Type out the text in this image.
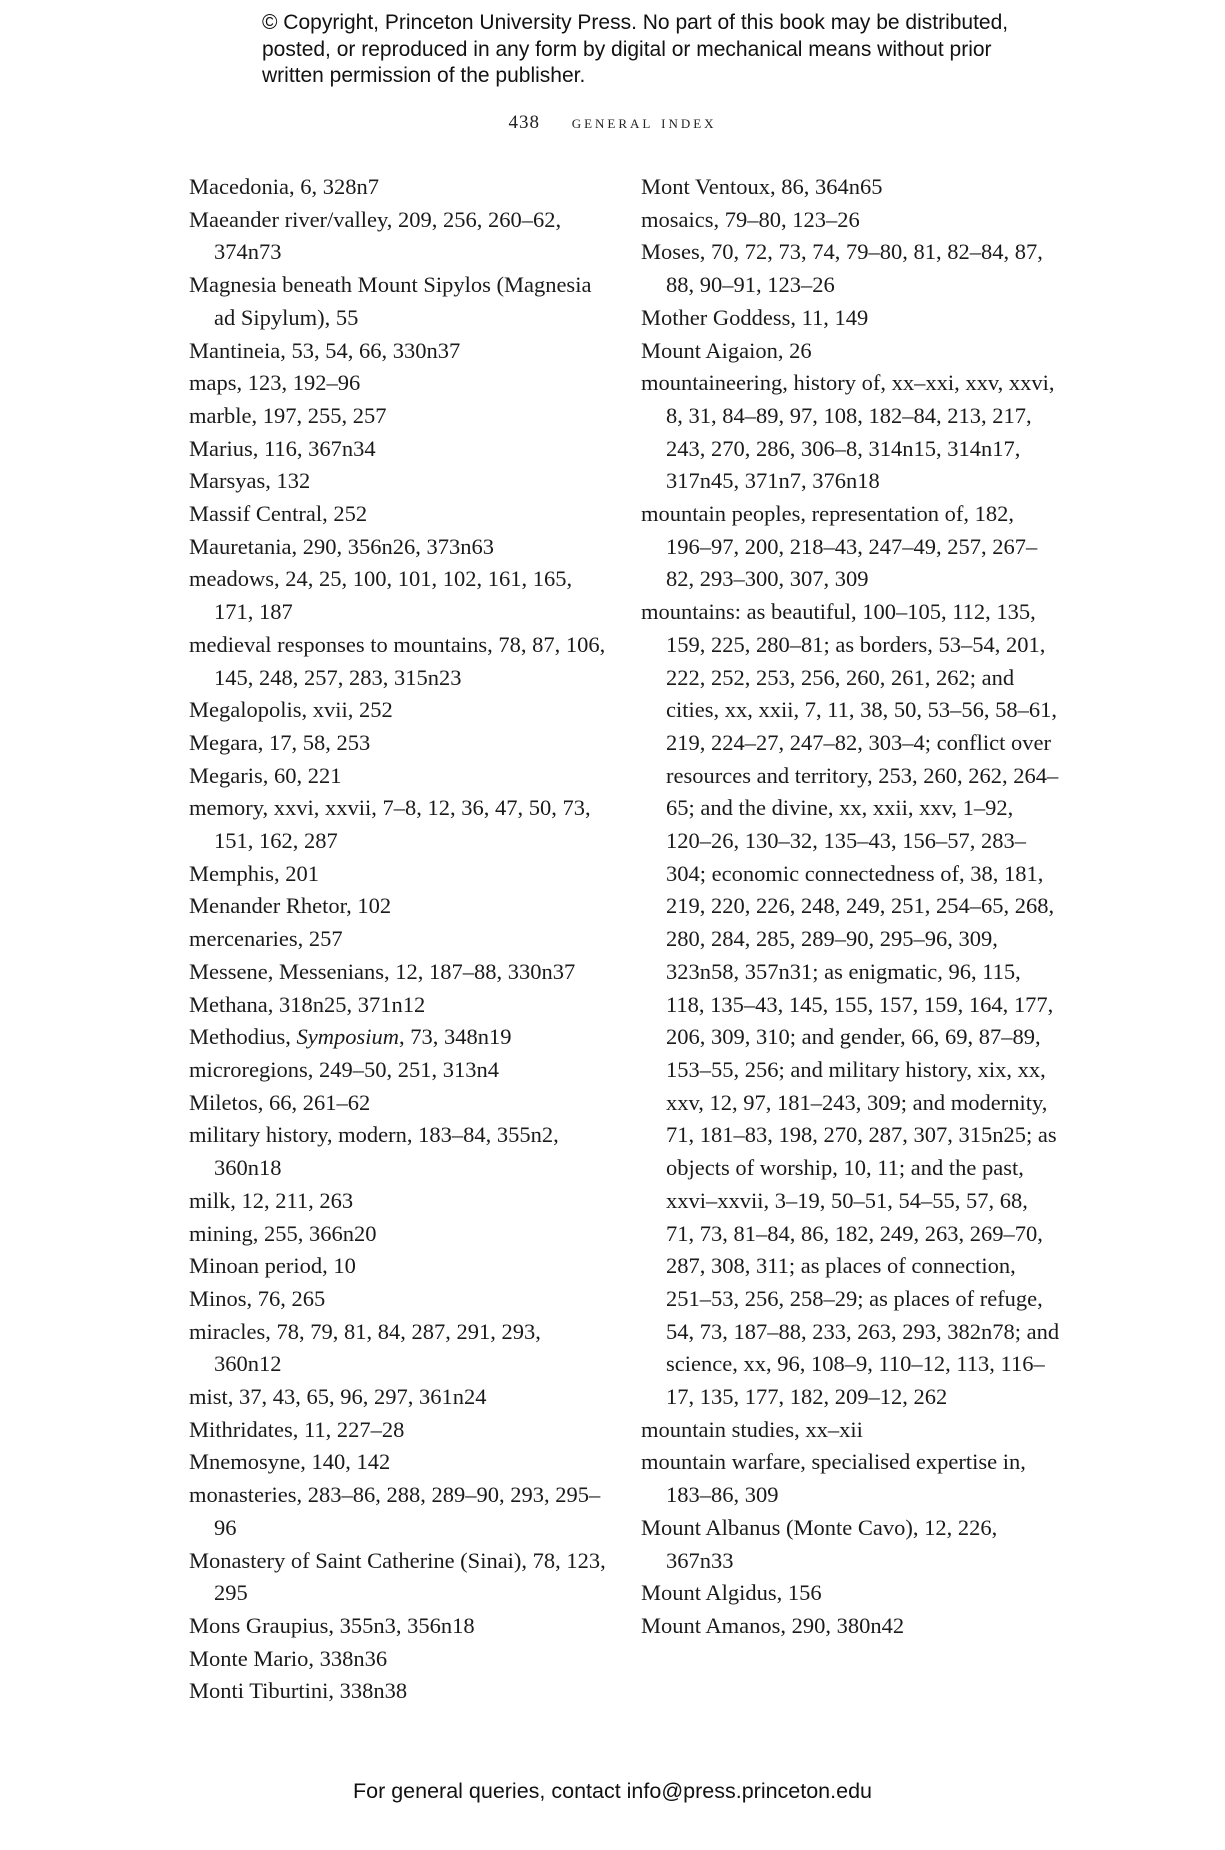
© Copyright, Princeton University Press. No part of this book may be distributed, posted, or reproduced in any form by digital or mechanical means without prior written permission of the publisher.
438 general index

Macedonia, 6, 328n7

Maeander river/valley, 209, 256, 260–62, 374n73

Magnesia beneath Mount Sipylos (Magnesia ad Sipylum), 55

Mantineia, 53, 54, 66, 330n37

maps, 123, 192–96

marble, 197, 255, 257

Marius, 116, 367n34

Marsyas, 132

Massif Central, 252

Mauretania, 290, 356n26, 373n63

meadows, 24, 25, 100, 101, 102, 161, 165, 171, 187

medieval responses to mountains, 78, 87, 106, 145, 248, 257, 283, 315n23

Megalopolis, xvii, 252

Megara, 17, 58, 253

Megaris, 60, 221

memory, xxvi, xxvii, 7–8, 12, 36, 47, 50, 73, 151, 162, 287

Memphis, 201

Menander Rhetor, 102

mercenaries, 257

Messene, Messenians, 12, 187–88, 330n37

Methana, 318n25, 371n12

Methodius, Symposium, 73, 348n19

microregions, 249–50, 251, 313n4

Miletos, 66, 261–62

military history, modern, 183–84, 355n2, 360n18

milk, 12, 211, 263

mining, 255, 366n20

Minoan period, 10

Minos, 76, 265

miracles, 78, 79, 81, 84, 287, 291, 293, 360n12

mist, 37, 43, 65, 96, 297, 361n24

Mithridates, 11, 227–28

Mnemosyne, 140, 142

monasteries, 283–86, 288, 289–90, 293, 295–96

Monastery of Saint Catherine (Sinai), 78, 123, 295

Mons Graupius, 355n3, 356n18

Monte Mario, 338n36

Monti Tiburtini, 338n38

Mont Ventoux, 86, 364n65

mosaics, 79–80, 123–26

Moses, 70, 72, 73, 74, 79–80, 81, 82–84, 87, 88, 90–91, 123–26

Mother Goddess, 11, 149

Mount Aigaion, 26

mountaineering, history of, xx–xxi, xxv, xxvi, 8, 31, 84–89, 97, 108, 182–84, 213, 217, 243, 270, 286, 306–8, 314n15, 314n17, 317n45, 371n7, 376n18

mountain peoples, representation of, 182, 196–97, 200, 218–43, 247–49, 257, 267–82, 293–300, 307, 309

mountains: as beautiful, 100–105, 112, 135, 159, 225, 280–81; as borders, 53–54, 201, 222, 252, 253, 256, 260, 261, 262; and cities, xx, xxii, 7, 11, 38, 50, 53–56, 58–61, 219, 224–27, 247–82, 303–4; conflict over resources and territory, 253, 260, 262, 264–65; and the divine, xx, xxii, xxv, 1–92, 120–26, 130–32, 135–43, 156–57, 283–304; economic connectedness of, 38, 181, 219, 220, 226, 248, 249, 251, 254–65, 268, 280, 284, 285, 289–90, 295–96, 309, 323n58, 357n31; as enigmatic, 96, 115, 118, 135–43, 145, 155, 157, 159, 164, 177, 206, 309, 310; and gender, 66, 69, 87–89, 153–55, 256; and military history, xix, xx, xxv, 12, 97, 181–243, 309; and modernity, 71, 181–83, 198, 270, 287, 307, 315n25; as objects of worship, 10, 11; and the past, xxvi–xxvii, 3–19, 50–51, 54–55, 57, 68, 71, 73, 81–84, 86, 182, 249, 263, 269–70, 287, 308, 311; as places of connection, 251–53, 256, 258–29; as places of refuge, 54, 73, 187–88, 233, 263, 293, 382n78; and science, xx, 96, 108–9, 110–12, 113, 116–17, 135, 177, 182, 209–12, 262

mountain studies, xx–xii

mountain warfare, specialised expertise in, 183–86, 309

Mount Albanus (Monte Cavo), 12, 226, 367n33

Mount Algidus, 156

Mount Amanos, 290, 380n42

For general queries, contact info@press.princeton.edu
